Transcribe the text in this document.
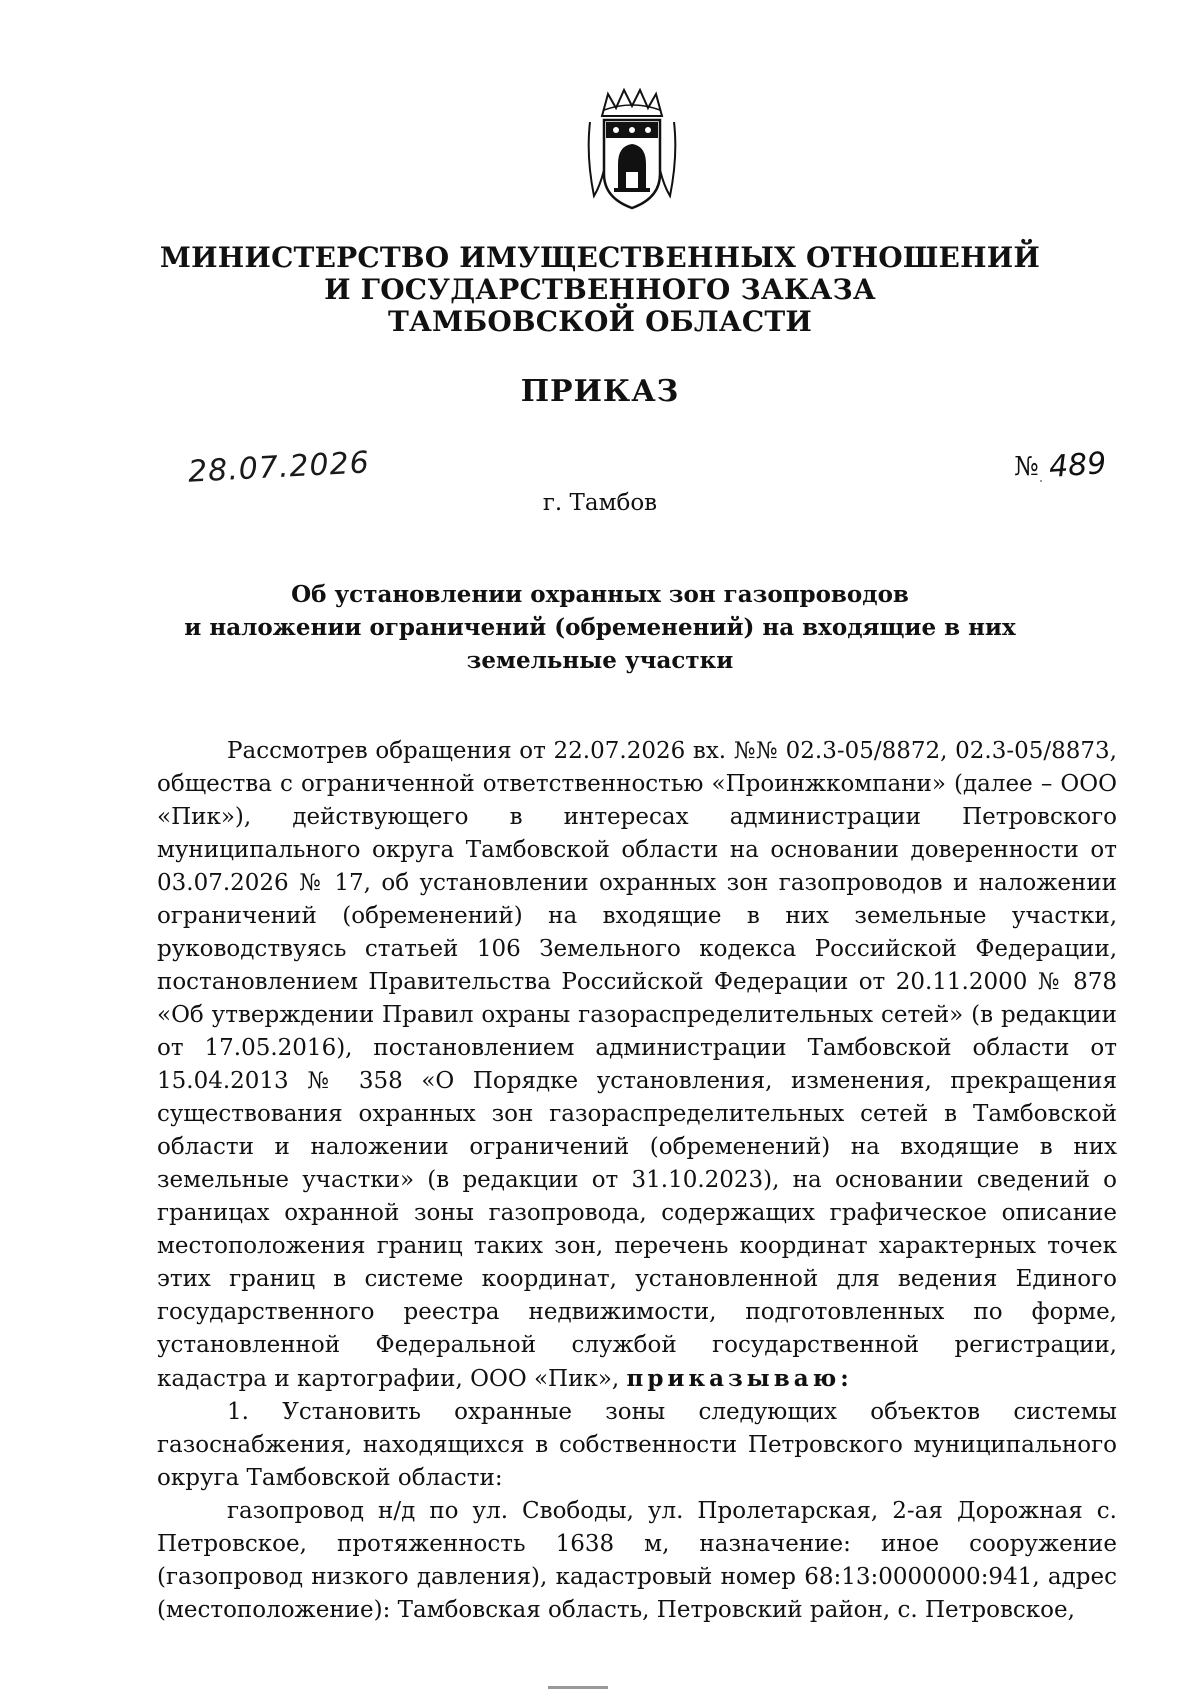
МИНИСТЕРСТВО ИМУЩЕСТВЕННЫХ ОТНОШЕНИЙ
И ГОСУДАРСТВЕННОГО ЗАКАЗА
ТАМБОВСКОЙ ОБЛАСТИ
ПРИКАЗ
28.07.2026	№ 489
г. Тамбов
Об установлении охранных зон газопроводов
и наложении ограничений (обременений) на входящие в них
земельные участки

Рассмотрев обращения от 22.07.2026 вх. №№ 02.3-05/8872, 02.3-05/8873, общества с ограниченной ответственностью «Проинжкомпани» (далее – ООО «Пик»), действующего в интересах администрации Петровского муниципального округа Тамбовской области на основании доверенности от 03.07.2026 № 17, об установлении охранных зон газопроводов и наложении ограничений (обременений) на входящие в них земельные участки, руководствуясь статьей 106 Земельного кодекса Российской Федерации, постановлением Правительства Российской Федерации от 20.11.2000 № 878 «Об утверждении Правил охраны газораспределительных сетей» (в редакции от 17.05.2016), постановлением администрации Тамбовской области от 15.04.2013 № 358 «О Порядке установления, изменения, прекращения существования охранных зон газораспределительных сетей в Тамбовской области и наложении ограничений (обременений) на входящие в них земельные участки» (в редакции от 31.10.2023), на основании сведений о границах охранной зоны газопровода, содержащих графическое описание местоположения границ таких зон, перечень координат характерных точек этих границ в системе координат, установленной для ведения Единого государственного реестра недвижимости, подготовленных по форме, установленной Федеральной службой государственной регистрации, кадастра и картографии, ООО «Пик», приказываю:

1. Установить охранные зоны следующих объектов системы газоснабжения, находящихся в собственности Петровского муниципального округа Тамбовской области:

газопровод н/д по ул. Свободы, ул. Пролетарская, 2-ая Дорожная с. Петровское, протяженность 1638 м, назначение: иное сооружение (газопровод низкого давления), кадастровый номер 68:13:0000000:941, адрес (местоположение): Тамбовская область, Петровский район, с. Петровское,
